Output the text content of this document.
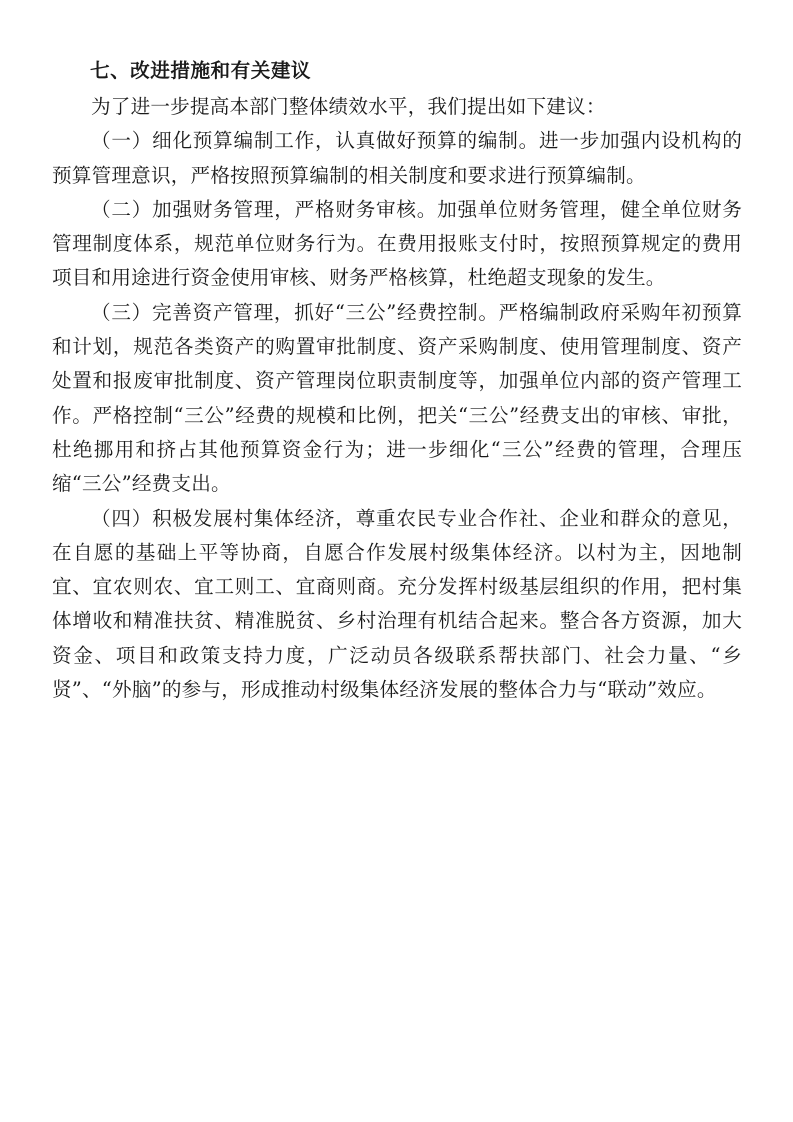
七、改进措施和有关建议

为了进一步提高本部门整体绩效水平，我们提出如下建议：

（一）细化预算编制工作，认真做好预算的编制。进一步加强内设机构的预算管理意识，严格按照预算编制的相关制度和要求进行预算编制。

（二）加强财务管理，严格财务审核。加强单位财务管理，健全单位财务管理制度体系，规范单位财务行为。在费用报账支付时，按照预算规定的费用项目和用途进行资金使用审核、财务严格核算，杜绝超支现象的发生。

（三）完善资产管理，抓好“三公”经费控制。严格编制政府采购年初预算和计划，规范各类资产的购置审批制度、资产采购制度、使用管理制度、资产处置和报废审批制度、资产管理岗位职责制度等，加强单位内部的资产管理工作。严格控制“三公”经费的规模和比例，把关“三公”经费支出的审核、审批，杜绝挪用和挤占其他预算资金行为；进一步细化“三公”经费的管理，合理压缩“三公”经费支出。

（四）积极发展村集体经济，尊重农民专业合作社、企业和群众的意见，在自愿的基础上平等协商，自愿合作发展村级集体经济。以村为主，因地制宜、宜农则农、宜工则工、宜商则商。充分发挥村级基层组织的作用，把村集体增收和精准扶贫、精准脱贫、乡村治理有机结合起来。整合各方资源，加大资金、项目和政策支持力度，广泛动员各级联系帮扶部门、社会力量、“乡贤”、“外脑”的参与，形成推动村级集体经济发展的整体合力与“联动”效应。
